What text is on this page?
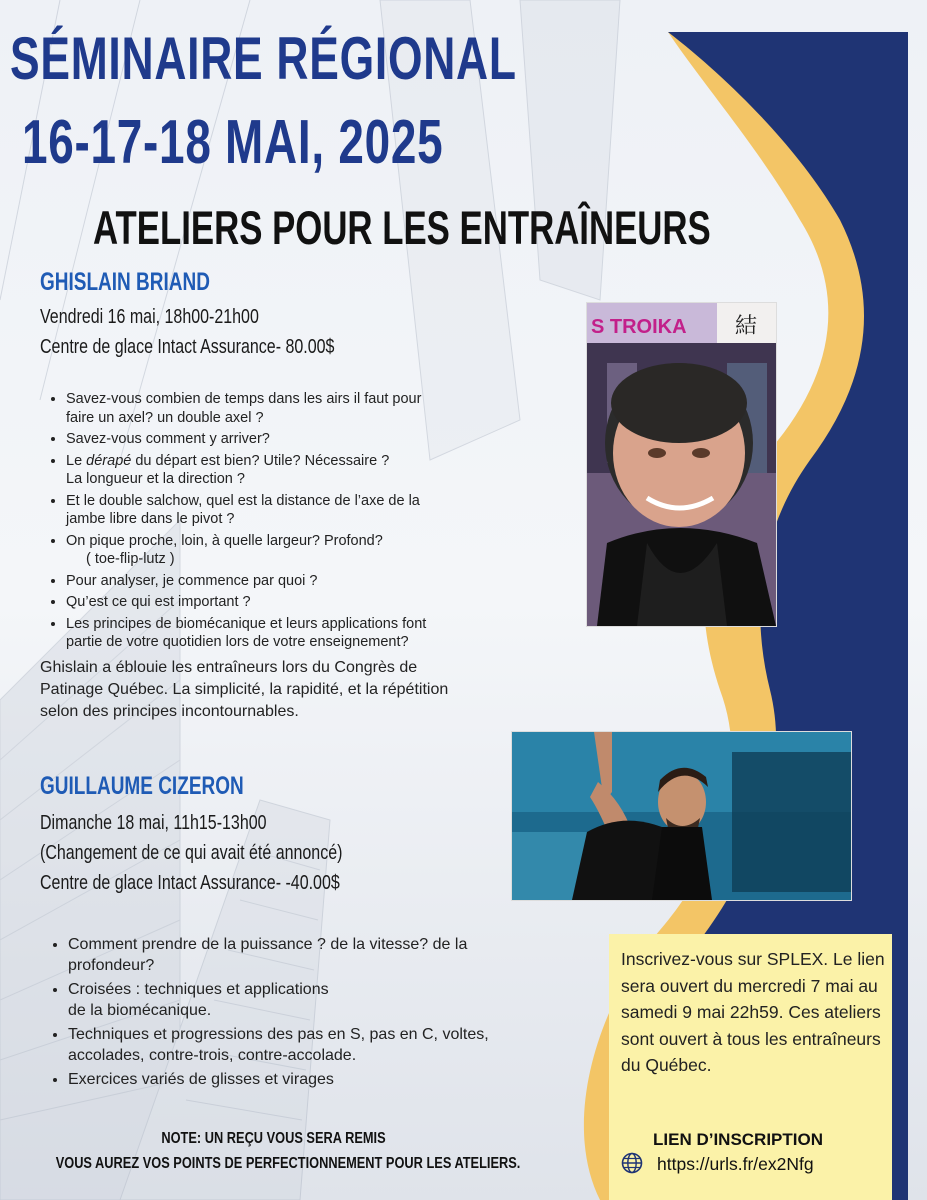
SÉMINAIRE RÉGIONAL
16-17-18 MAI, 2025
ATELIERS POUR LES ENTRAÎNEURS
GHISLAIN BRIAND
Vendredi 16 mai, 18h00-21h00
Centre de glace Intact Assurance- 80.00$
• Savez-vous combien de temps dans les airs il faut pour
faire un axel? un double axel ?
• Savez-vous comment y arriver?
• Le dérapé du départ est bien? Utile? Nécessaire ?
La longueur et la direction ?
• Et le double salchow, quel est la distance de l’axe de la
jambe libre dans le pivot ?
• On pique proche, loin, à quelle largeur? Profond?
( toe-flip-lutz )
• Pour analyser, je commence par quoi ?
• Qu’est ce qui est important ?
• Les principes de biomécanique et leurs applications font
partie de votre quotidien lors de votre enseignement?
Ghislain a éblouie les entraîneurs lors du Congrès de Patinage Québec. La simplicité, la rapidité, et la répétition selon des principes incontournables.
S TROIKA 結
GUILLAUME CIZERON
Dimanche 18 mai, 11h15-13h00
(Changement de ce qui avait été annoncé)
Centre de glace Intact Assurance- -40.00$
• Comment prendre de la puissance ? de la vitesse? de la
profondeur?
• Croisées : techniques et applications
de la biomécanique.
• Techniques et progressions des pas en S, pas en C, voltes,
accolades, contre-trois, contre-accolade.
• Exercices variés de glisses et virages
Inscrivez-vous sur SPLEX. Le lien sera ouvert du mercredi 7 mai au samedi 9 mai 22h59. Ces ateliers sont ouvert à tous les entraîneurs du Québec.
LIEN D’INSCRIPTION
https://urls.fr/ex2Nfg
NOTE: UN REÇU VOUS SERA REMIS
VOUS AUREZ VOS POINTS DE PERFECTIONNEMENT POUR LES ATELIERS.
